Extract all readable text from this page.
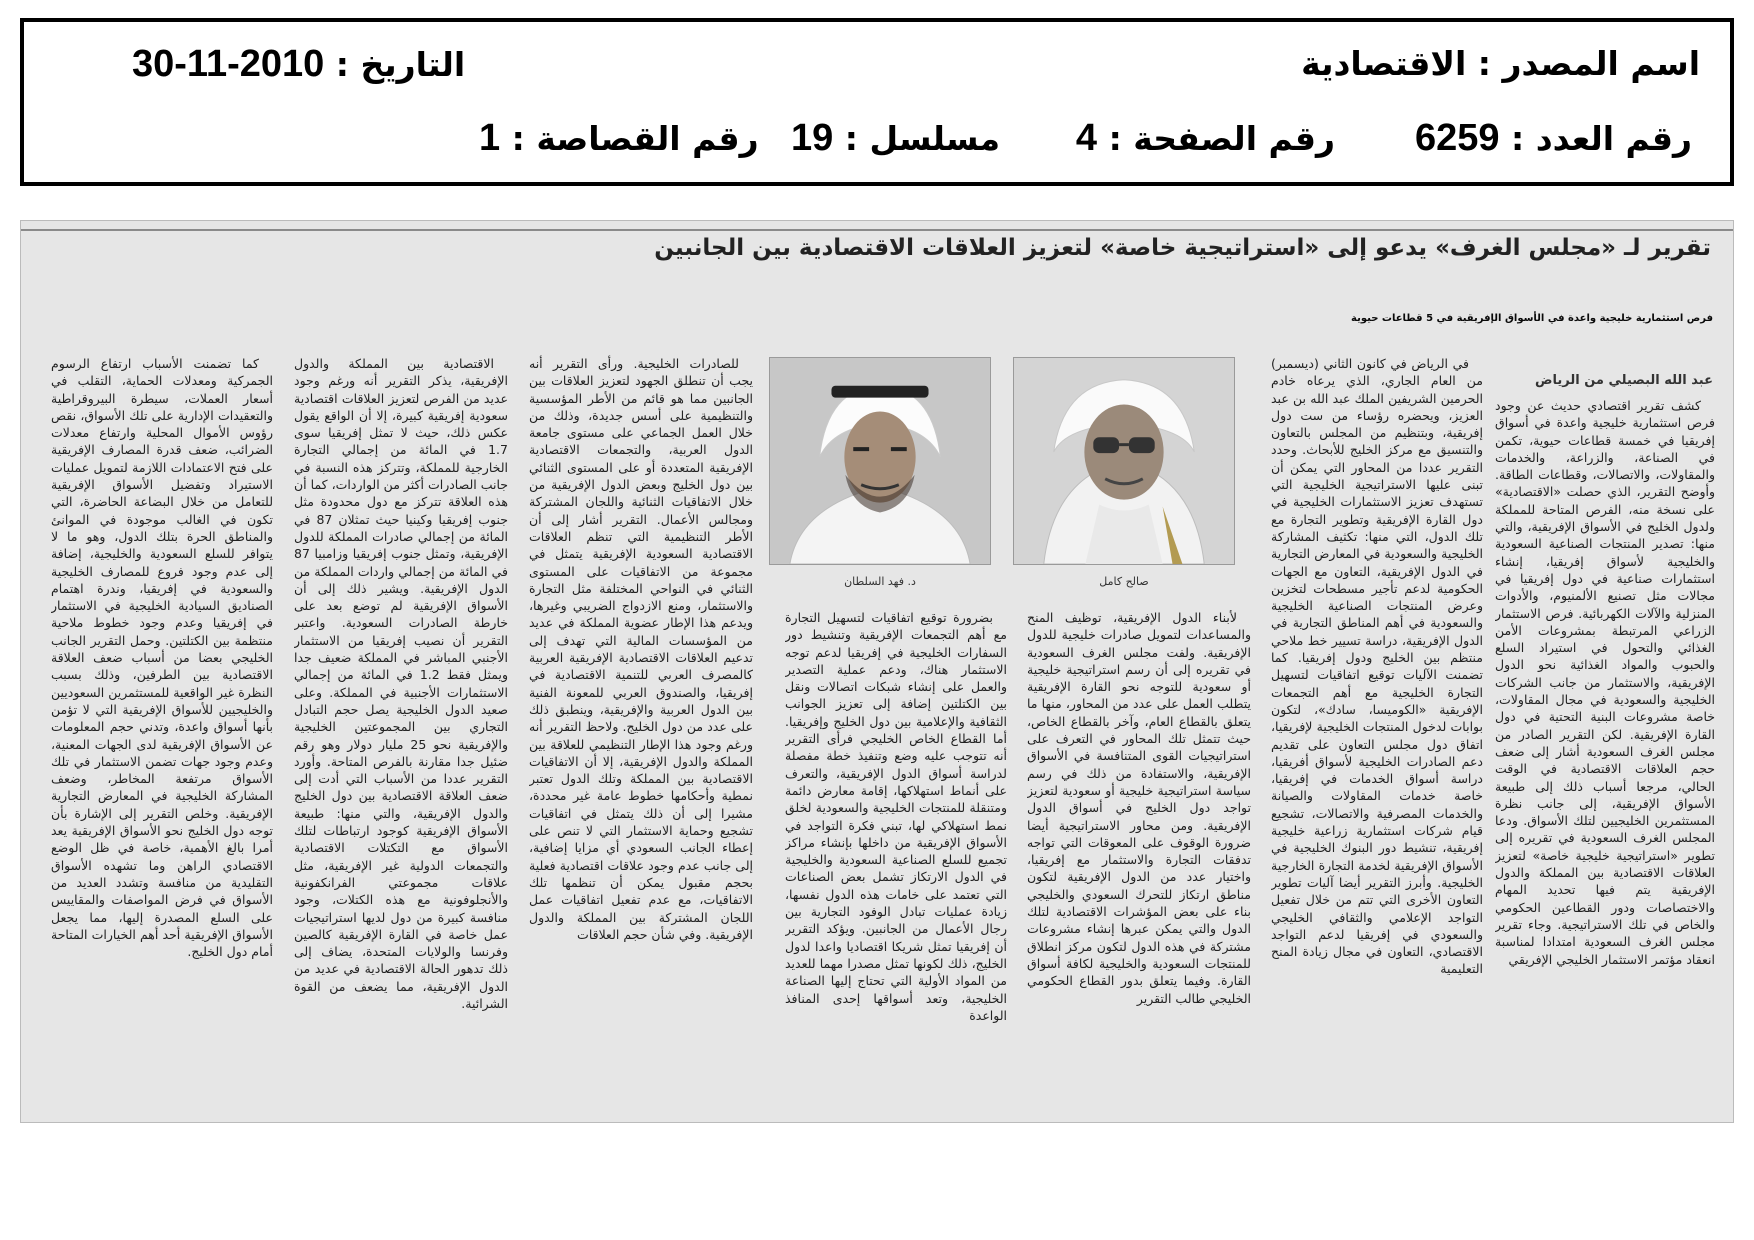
اسم المصدر : الاقتصادية
التاريخ : 30-11-2010
رقم العدد : 6259
رقم الصفحة : 4
مسلسل : 19
رقم القصاصة : 1
تقرير لـ «مجلس الغرف» يدعو إلى «استراتيجية خاصة» لتعزيز العلاقات الاقتصادية بين الجانبين
فرص استثمارية خليجية واعدة في الأسواق الإفريقية في 5 قطاعات حيوية
عبد الله البصيلي من الرياض

كشف تقرير اقتصادي حديث عن وجود فرص استثمارية خليجية واعدة في أسواق إفريقيا في خمسة قطاعات حيوية، تكمن في الصناعة، والزراعة، والخدمات والمقاولات، والاتصالات، وقطاعات الطاقة. وأوضح التقرير، الذي حصلت «الاقتصادية» على نسخة منه، الفرص المتاحة للمملكة ولدول الخليج في الأسواق الإفريقية، والتي منها: تصدير المنتجات الصناعية السعودية والخليجية لأسواق إفريقيا، إنشاء استثمارات صناعية في دول إفريقيا في مجالات مثل تصنيع الألمنيوم، والأدوات المنزلية والآلات الكهربائية. فرص الاستثمار الزراعي المرتبطة بمشروعات الأمن الغذائي والتحول في استيراد السلع والحبوب والمواد الغذائية نحو الدول الإفريقية، والاستثمار من جانب الشركات الخليجية والسعودية في مجال المقاولات، خاصة مشروعات البنية التحتية في دول القارة الإفريقية. لكن التقرير الصادر من مجلس الغرف السعودية أشار إلى ضعف حجم العلاقات الاقتصادية في الوقت الحالي، مرجعا أسباب ذلك إلى طبيعة الأسواق الإفريقية، إلى جانب نظرة المستثمرين الخليجيين لتلك الأسواق. ودعا المجلس الغرف السعودية في تقريره إلى تطوير «استراتيجية خليجية خاصة» لتعزيز العلاقات الاقتصادية بين المملكة والدول الإفريقية يتم فيها تحديد المهام والاختصاصات ودور القطاعين الحكومي والخاص في تلك الاستراتيجية. وجاء تقرير مجلس الغرف السعودية امتدادا لمناسبة انعقاد مؤتمر الاستثمار الخليجي الإفريقي

في الرياض في كانون الثاني (ديسمبر) من العام الجاري، الذي يرعاه خادم الحرمين الشريفين الملك عبد الله بن عبد العزيز، ويحضره رؤساء من ست دول إفريقية، وبتنظيم من المجلس بالتعاون والتنسيق مع مركز الخليج للأبحاث. وحدد التقرير عددا من المحاور التي يمكن أن تبنى عليها الاستراتيجية الخليجية التي تستهدف تعزيز الاستثمارات الخليجية في دول القارة الإفريقية وتطوير التجارة مع تلك الدول، التي منها: تكثيف المشاركة الخليجية والسعودية في المعارض التجارية في الدول الإفريقية، التعاون مع الجهات الحكومية لدعم تأجير مسطحات لتخزين وعرض المنتجات الصناعية الخليجية والسعودية في أهم المناطق التجارية في الدول الإفريقية، دراسة تسيير خط ملاحي منتظم بين الخليج ودول إفريقيا. كما تضمنت الآليات توقيع اتفاقيات لتسهيل التجارة الخليجية مع أهم التجمعات الإفريقية «الكوميسا، سادك»، لتكون بوابات لدخول المنتجات الخليجية لإفريقيا، اتفاق دول مجلس التعاون على تقديم دعم الصادرات الخليجية لأسواق أفريقيا، دراسة أسواق الخدمات في إفريقيا، خاصة خدمات المقاولات والصيانة والخدمات المصرفية والاتصالات، تشجيع قيام شركات استثمارية زراعية خليجية إفريقية، تنشيط دور البنوك الخليجية في الأسواق الإفريقية لخدمة التجارة الخارجية الخليجية. وأبرز التقرير أيضا آليات تطوير التعاون الأخرى التي تتم من خلال تفعيل التواجد الإعلامي والثقافي الخليجي والسعودي في إفريقيا لدعم التواجد الاقتصادي، التعاون في مجال زيادة المنح التعليمية

لأبناء الدول الإفريقية، توظيف المنح والمساعدات لتمويل صادرات خليجية للدول الإفريقية. ولفت مجلس الغرف السعودية في تقريره إلى أن رسم استراتيجية خليجية أو سعودية للتوجه نحو القارة الإفريقية يتطلب العمل على عدد من المحاور، منها ما يتعلق بالقطاع العام، وآخر بالقطاع الخاص، حيث تتمثل تلك المحاور في التعرف على استراتيجيات القوى المتنافسة في الأسواق الإفريقية، والاستفادة من ذلك في رسم سياسة استراتيجية خليجية أو سعودية لتعزيز تواجد دول الخليج في أسواق الدول الإفريقية. ومن محاور الاستراتيجية أيضا ضرورة الوقوف على المعوقات التي تواجه تدفقات التجارة والاستثمار مع إفريقيا، واختيار عدد من الدول الإفريقية لتكون مناطق ارتكاز للتحرك السعودي والخليجي بناء على بعض المؤشرات الاقتصادية لتلك الدول والتي يمكن عبرها إنشاء مشروعات مشتركة في هذه الدول لتكون مركز انطلاق للمنتجات السعودية والخليجية لكافة أسواق القارة. وفيما يتعلق بدور القطاع الحكومي الخليجي طالب التقرير

بضرورة توقيع اتفاقيات لتسهيل التجارة مع أهم التجمعات الإفريقية وتنشيط دور السفارات الخليجية في إفريقيا لدعم توجه الاستثمار هناك، ودعم عملية التصدير والعمل على إنشاء شبكات اتصالات ونقل بين الكتلتين إضافة إلى تعزيز الجوانب الثقافية والإعلامية بين دول الخليج وإفريقيا. أما القطاع الخاص الخليجي فرأى التقرير أنه تتوجب عليه وضع وتنفيذ خطة مفصلة لدراسة أسواق الدول الإفريقية، والتعرف على أنماط استهلاكها، إقامة معارض دائمة ومتنقلة للمنتجات الخليجية والسعودية لخلق نمط استهلاكي لها، تبني فكرة التواجد في الأسواق الإفريقية من داخلها بإنشاء مراكز تجميع للسلع الصناعية السعودية والخليجية في الدول الارتكاز تشمل بعض الصناعات التي تعتمد على خامات هذه الدول نفسها، زيادة عمليات تبادل الوفود التجارية بين رجال الأعمال من الجانبين. ويؤكد التقرير أن إفريقيا تمثل شريكا اقتصاديا واعدا لدول الخليج، ذلك لكونها تمثل مصدرا مهما للعديد من المواد الأولية التي تحتاج إليها الصناعة الخليجية، وتعد أسواقها إحدى المنافذ الواعدة

للصادرات الخليجية. ورأى التقرير أنه يجب أن تنطلق الجهود لتعزيز العلاقات بين الجانبين مما هو قائم من الأطر المؤسسية والتنظيمية على أسس جديدة، وذلك من خلال العمل الجماعي على مستوى جامعة الدول العربية، والتجمعات الاقتصادية الإفريقية المتعددة أو على المستوى الثنائي بين دول الخليج وبعض الدول الإفريقية من خلال الاتفاقيات الثنائية واللجان المشتركة ومجالس الأعمال. التقرير أشار إلى أن الأطر التنظيمية التي تنظم العلاقات الاقتصادية السعودية الإفريقية يتمثل في مجموعة من الاتفاقيات على المستوى الثنائي في النواحي المختلفة مثل التجارة والاستثمار، ومنع الازدواج الضريبي وغيرها، ويدعم هذا الإطار عضوية المملكة في عديد من المؤسسات المالية التي تهدف إلى تدعيم العلاقات الاقتصادية الإفريقية العربية كالمصرف العربي للتنمية الاقتصادية في إفريقيا، والصندوق العربي للمعونة الفنية بين الدول العربية والإفريقية، وينطبق ذلك على عدد من دول الخليج. ولاحظ التقرير أنه ورغم وجود هذا الإطار التنظيمي للعلاقة بين المملكة والدول الإفريقية، إلا أن الاتفاقيات الاقتصادية بين المملكة وتلك الدول تعتبر نمطية وأحكامها خطوط عامة غير محددة، مشيرا إلى أن ذلك يتمثل في اتفاقيات تشجيع وحماية الاستثمار التي لا تنص على إعطاء الجانب السعودي أي مزايا إضافية، إلى جانب عدم وجود علاقات اقتصادية فعلية بحجم مقبول يمكن أن تنظمها تلك الاتفاقيات، مع عدم تفعيل اتفاقيات عمل اللجان المشتركة بين المملكة والدول الإفريقية. وفي شأن حجم العلاقات

الاقتصادية بين المملكة والدول الإفريقية، يذكر التقرير أنه ورغم وجود عديد من الفرص لتعزيز العلاقات اقتصادية سعودية إفريقية كبيرة، إلا أن الواقع يقول عكس ذلك، حيث لا تمثل إفريقيا سوى 1.7 في المائة من إجمالي التجارة الخارجية للمملكة، وتتركز هذه النسبة في جانب الصادرات أكثر من الواردات، كما أن هذه العلاقة تتركز مع دول محدودة مثل جنوب إفريقيا وكينيا حيث تمثلان 87 في المائة من إجمالي صادرات المملكة للدول الإفريقية، وتمثل جنوب إفريقيا وزامبيا 87 في المائة من إجمالي واردات المملكة من الدول الإفريقية. ويشير ذلك إلى أن الأسواق الإفريقية لم توضع بعد على خارطة الصادرات السعودية. واعتبر التقرير أن نصيب إفريقيا من الاستثمار الأجنبي المباشر في المملكة ضعيف جدا ويمثل فقط 1.2 في المائة من إجمالي الاستثمارات الأجنبية في المملكة. وعلى صعيد الدول الخليجية يصل حجم التبادل التجاري بين المجموعتين الخليجية والإفريقية نحو 25 مليار دولار وهو رقم ضئيل جدا مقارنة بالفرص المتاحة. وأورد التقرير عددا من الأسباب التي أدت إلى ضعف العلاقة الاقتصادية بين دول الخليج والدول الإفريقية، والتي منها: طبيعة الأسواق الإفريقية كوجود ارتباطات لتلك الأسواق مع التكتلات الاقتصادية والتجمعات الدولية غير الإفريقية، مثل علاقات مجموعتي الفرانكفونية والأنجلوفونية مع هذه الكتلات، وجود منافسة كبيرة من دول لديها استراتيجيات عمل خاصة في القارة الإفريقية كالصين وفرنسا والولايات المتحدة، يضاف إلى ذلك تدهور الحالة الاقتصادية في عديد من الدول الإفريقية، مما يضعف من القوة الشرائية.

كما تضمنت الأسباب ارتفاع الرسوم الجمركية ومعدلات الحماية، التقلب في أسعار العملات، سيطرة البيروقراطية والتعقيدات الإدارية على تلك الأسواق، نقص رؤوس الأموال المحلية وارتفاع معدلات الضرائب، ضعف قدرة المصارف الإفريقية على فتح الاعتمادات اللازمة لتمويل عمليات الاستيراد وتفضيل الأسواق الإفريقية للتعامل من خلال البضاعة الحاضرة، التي تكون في الغالب موجودة في الموانئ والمناطق الحرة بتلك الدول، وهو ما لا يتوافر للسلع السعودية والخليجية، إضافة إلى عدم وجود فروع للمصارف الخليجية والسعودية في إفريقيا، وندرة اهتمام الصناديق السيادية الخليجية في الاستثمار في إفريقيا وعدم وجود خطوط ملاحية منتظمة بين الكتلتين. وحمل التقرير الجانب الخليجي بعضا من أسباب ضعف العلاقة الاقتصادية بين الطرفين، وذلك بسبب النظرة غير الواقعية للمستثمرين السعوديين والخليجيين للأسواق الإفريقية التي لا تؤمن بأنها أسواق واعدة، وتدني حجم المعلومات عن الأسواق الإفريقية لدى الجهات المعنية، وعدم وجود جهات تضمن الاستثمار في تلك الأسواق مرتفعة المخاطر، وضعف المشاركة الخليجية في المعارض التجارية الإفريقية. وخلص التقرير إلى الإشارة بأن توجه دول الخليج نحو الأسواق الإفريقية يعد أمرا بالغ الأهمية، خاصة في ظل الوضع الاقتصادي الراهن وما تشهده الأسواق التقليدية من منافسة وتشدد العديد من الأسواق في فرض المواصفات والمقاييس على السلع المصدرة إليها، مما يجعل الأسواق الإفريقية أحد أهم الخيارات المتاحة أمام دول الخليج.

صالح كامل
د. فهد السلطان
